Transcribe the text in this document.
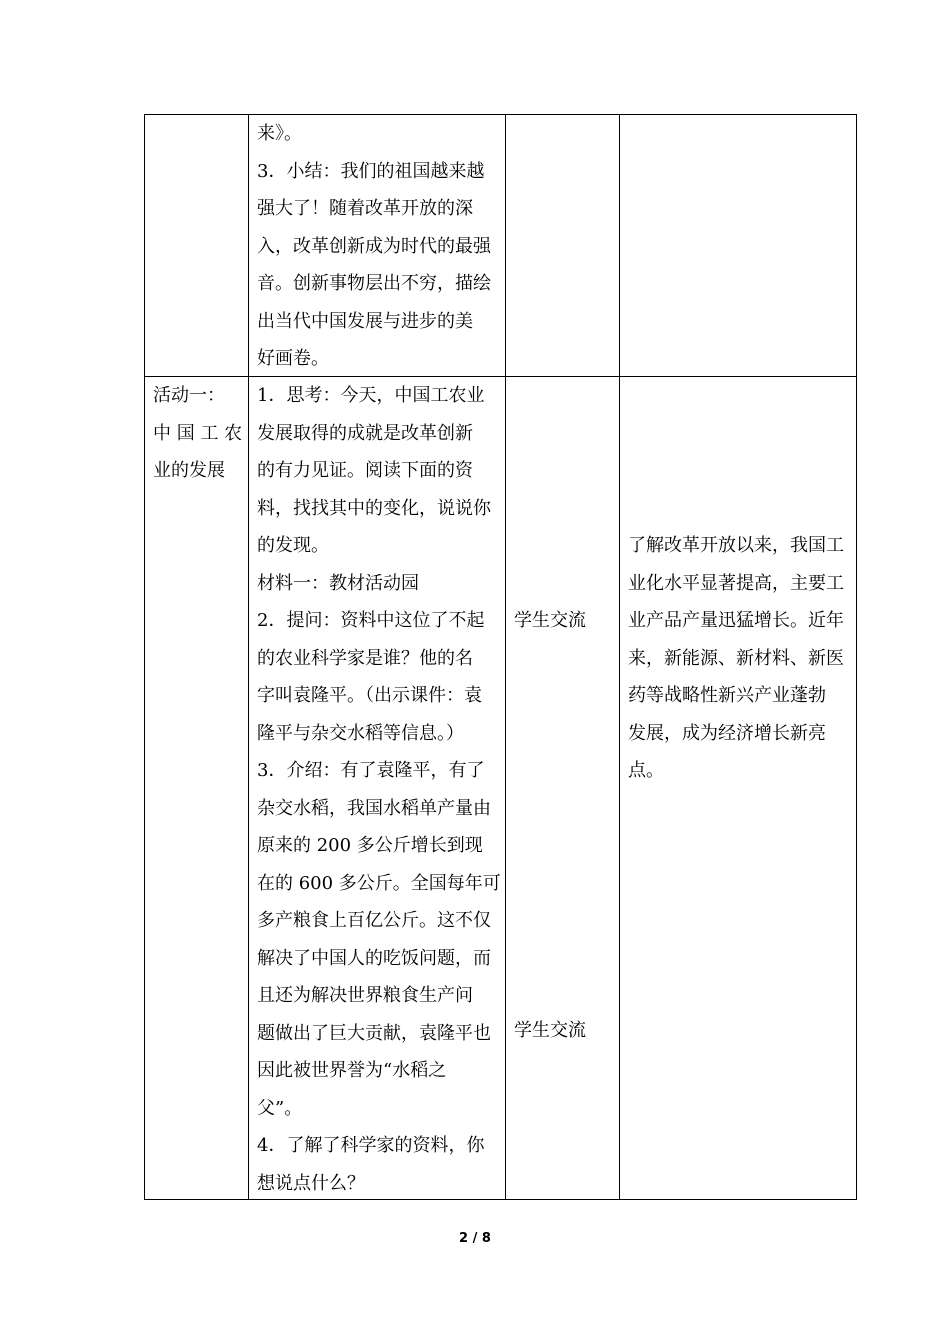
来》。

3．小结：我们的祖国越来越

强大了！随着改革开放的深

入，改革创新成为时代的最强

音。创新事物层出不穷，描绘

出当代中国发展与进步的美

好画卷。

活动一：

中 国 工 农

业的发展

1．思考：今天，中国工农业

发展取得的成就是改革创新

的有力见证。阅读下面的资

料，找找其中的变化，说说你

的发现。

材料一：教材活动园

2．提问：资料中这位了不起

的农业科学家是谁？他的名

字叫袁隆平。（出示课件：袁

隆平与杂交水稻等信息。）

3．介绍：有了袁隆平，有了

杂交水稻，我国水稻单产量由

原来的 200 多公斤增长到现

在的 600 多公斤。全国每年可

多产粮食上百亿公斤。这不仅

解决了中国人的吃饭问题，而

且还为解决世界粮食生产问

题做出了巨大贡献，袁隆平也

因此被世界誉为“水稻之

父”。

4．了解了科学家的资料，你

想说点什么？

学生交流

学生交流

了解改革开放以来，我国工

业化水平显著提高，主要工

业产品产量迅猛增长。近年

来，新能源、新材料、新医

药等战略性新兴产业蓬勃

发展，成为经济增长新亮

点。

2 / 8
